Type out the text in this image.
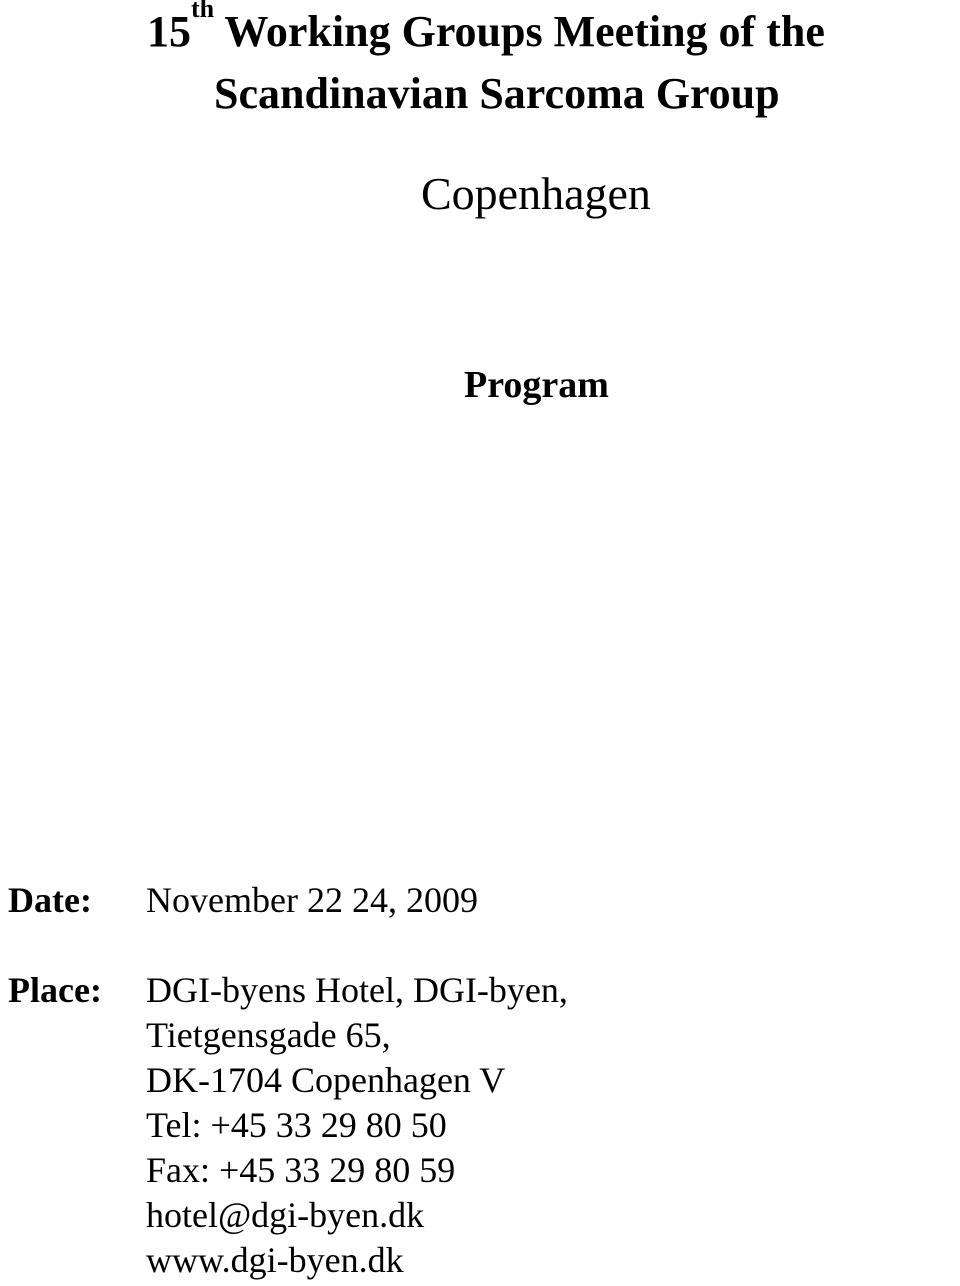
15th Working Groups Meeting of the
Scandinavian Sarcoma Group
Copenhagen
Program
Date: November 22 24, 2009
Place: DGI-byens Hotel, DGI-byen,
Tietgensgade 65,
DK-1704 Copenhagen V
Tel: +45 33 29 80 50
Fax: +45 33 29 80 59
hotel@dgi-byen.dk
www.dgi-byen.dk
